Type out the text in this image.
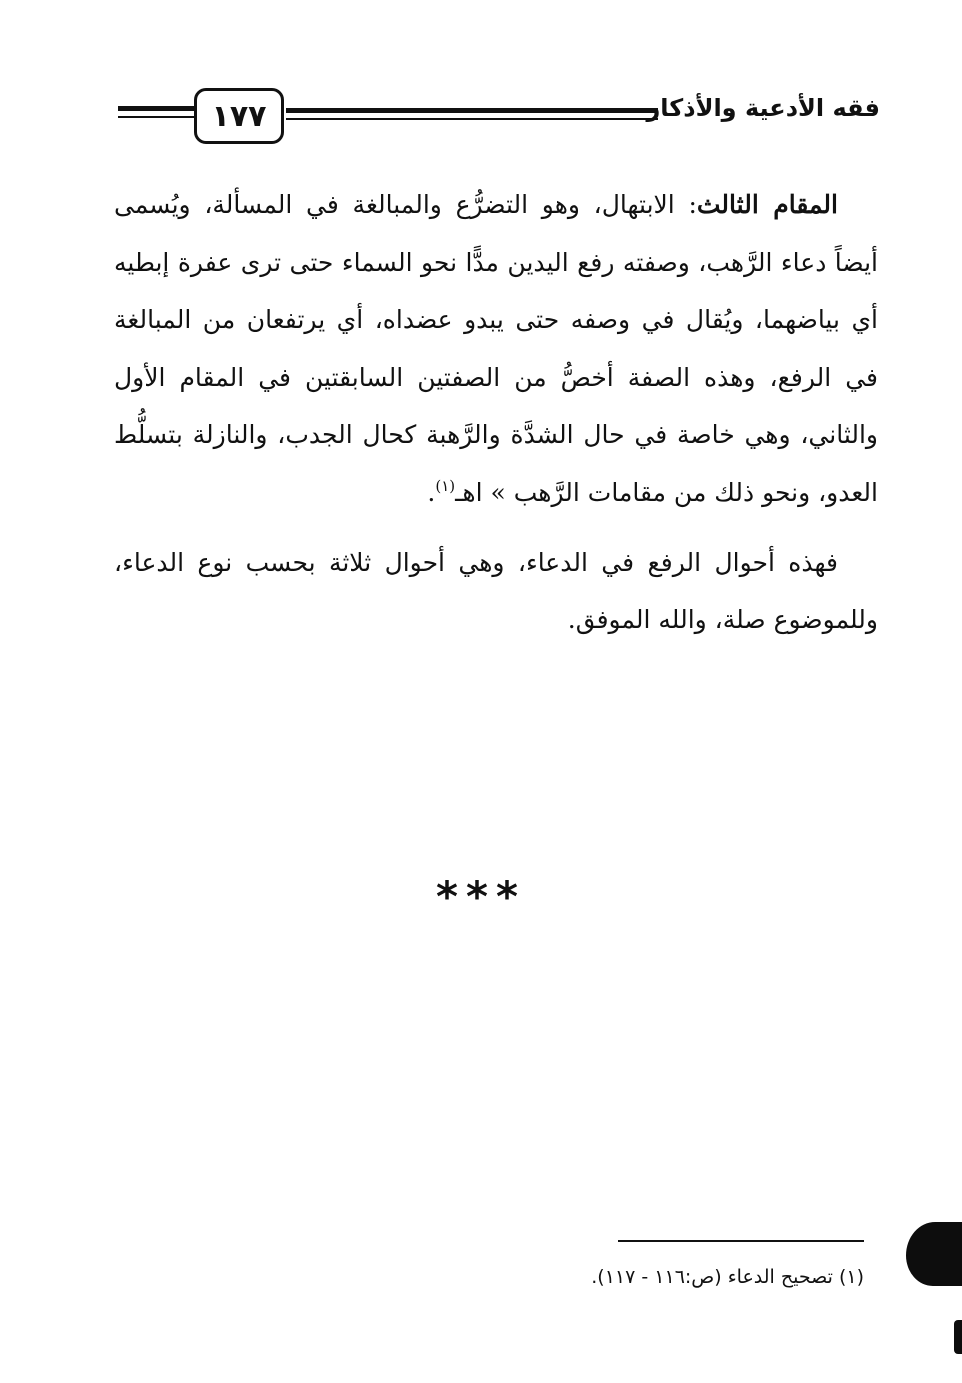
١٧٧	فقه الأدعية والأذكار

المقام الثالث: الابتهال، وهو التضرُّع والمبالغة في المسألة، ويُسمى أيضاً دعاء الرَّهب، وصفته رفع اليدين مدًّا نحو السماء حتى ترى عفرة إبطيه أي بياضهما، ويُقال في وصفه حتى يبدو عضداه، أي يرتفعان من المبالغة في الرفع، وهذه الصفة أخصُّ من الصفتين السابقتين في المقام الأول والثاني، وهي خاصة في حال الشدَّة والرَّهبة كحال الجدب، والنازلة بتسلُّط العدو، ونحو ذلك من مقامات الرَّهب » اهـ$^{(١)}$.

فهذه أحوال الرفع في الدعاء، وهي أحوال ثلاثة بحسب نوع الدعاء، وللموضوع صلة، والله الموفق.

***
(١) تصحيح الدعاء (ص:١١٦ - ١١٧).
